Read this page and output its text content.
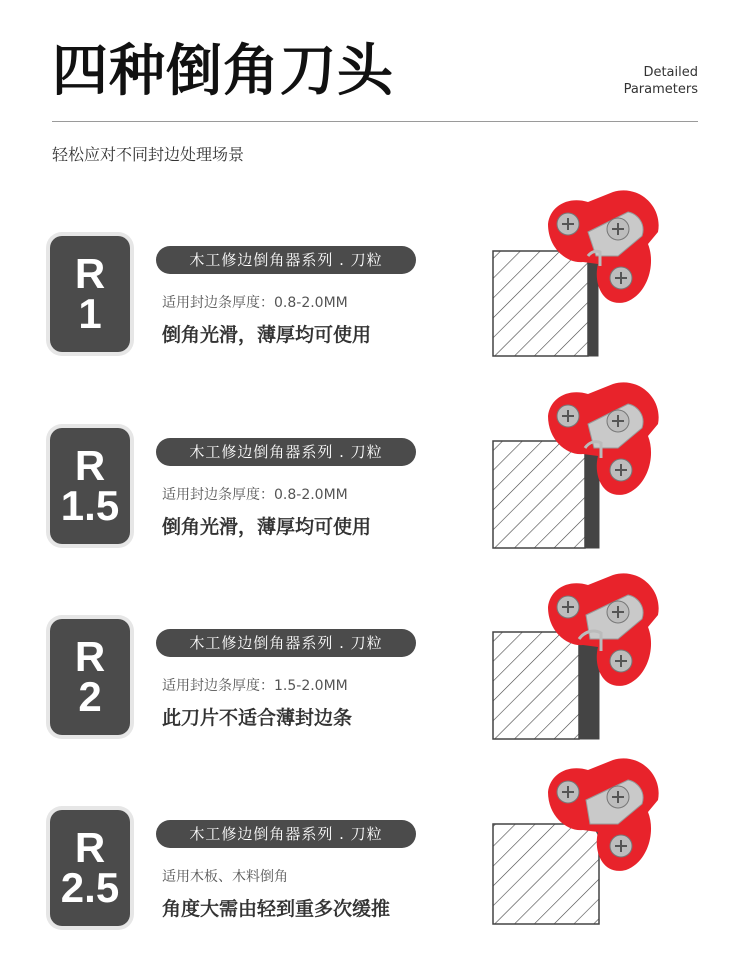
四种倒角刀头	Detailed
Parameters
轻松应对不同封边处理场景
R
1
木工修边倒角器系列 . 刀粒
适用封边条厚度：0.8-2.0MM
倒角光滑，薄厚均可使用
R
1.5
木工修边倒角器系列 . 刀粒
适用封边条厚度：0.8-2.0MM
倒角光滑，薄厚均可使用
R
2
木工修边倒角器系列 . 刀粒
适用封边条厚度：1.5-2.0MM
此刀片不适合薄封边条
R
2.5
木工修边倒角器系列 . 刀粒
适用木板、木料倒角
角度大需由轻到重多次缓推
